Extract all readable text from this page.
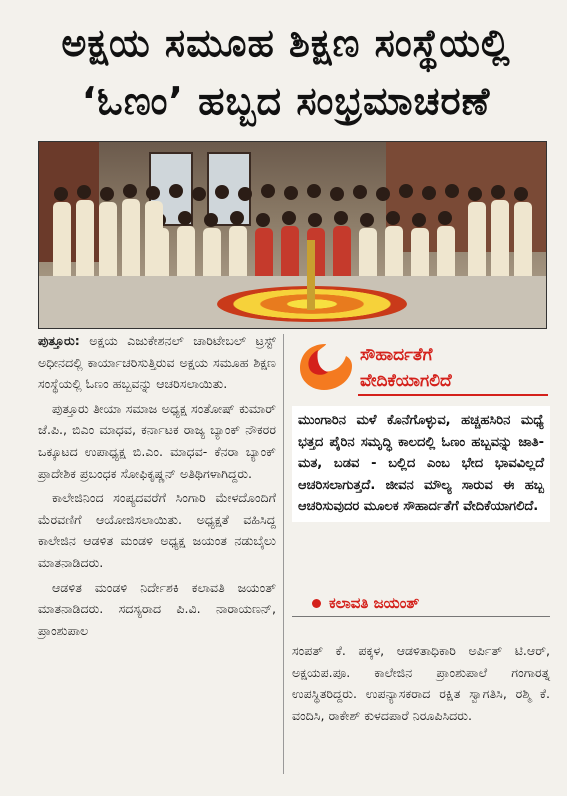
ಅಕ್ಷಯ ಸಮೂಹ ಶಿಕ್ಷಣ ಸಂಸ್ಥೆಯಲ್ಲಿ
‘ಓಣಂ’ ಹಬ್ಬದ ಸಂಭ್ರಮಾಚರಣೆ

ಪುತ್ತೂರು: ಅಕ್ಷಯ ಎಜುಕೇಶನಲ್ ಚಾರಿಟೇಬಲ್ ಟ್ರಸ್ಟ್ ಅಧೀನದಲ್ಲಿ ಕಾರ್ಯಾಚರಿಸುತ್ತಿರುವ ಅಕ್ಷಯ ಸಮೂಹ ಶಿಕ್ಷಣ ಸಂಸ್ಥೆಯಲ್ಲಿ ಓಣಂ ಹಬ್ಬವನ್ನು ಆಚರಿಸಲಾಯಿತು.

ಪುತ್ತೂರು ತೀಯಾ ಸಮಾಜ ಅಧ್ಯಕ್ಷ ಸಂತೋಷ್ ಕುಮಾರ್ ಜೆ.ಪಿ., ಬಿಎಂ ಮಾಧವ, ಕರ್ನಾಟಕ ರಾಜ್ಯ ಬ್ಯಾಂಕ್ ನೌಕರರ ಒಕ್ಕೂಟದ ಉಪಾಧ್ಯಕ್ಷ ಬಿ.ಎಂ. ಮಾಧವ- ಕೆನರಾ ಬ್ಯಾಂಕ್ ಪ್ರಾದೇಶಿಕ ಪ್ರಬಂಧಕ ಸೋಫಿಕೃಷ್ಣನ್ ಅತಿಥಿಗಳಾಗಿದ್ದರು.

ಕಾಲೇಜಿನಿಂದ ಸಂಪ್ಯದವರೆಗೆ ಸಿಂಗಾರಿ ಮೇಳದೊಂದಿಗೆ ಮೆರವಣಿಗೆ ಆಯೋಜಿಸಲಾಯಿತು. ಅಧ್ಯಕ್ಷತೆ ವಹಿಸಿದ್ದ ಕಾಲೇಜಿನ ಆಡಳಿತ ಮಂಡಳಿ ಅಧ್ಯಕ್ಷ ಜಯಂತ ನಡುಬೈಲು ಮಾತನಾಡಿದರು.

ಆಡಳಿತ ಮಂಡಳಿ ನಿರ್ದೇಶಕಿ ಕಲಾವತಿ ಜಯಂತ್ ಮಾತನಾಡಿದರು. ಸದಸ್ಯರಾದ ಪಿ.ವಿ. ನಾರಾಯಣನ್, ಪ್ರಾಂಶುಪಾಲ

ಸೌಹಾರ್ದತೆಗೆ
ವೇದಿಕೆಯಾಗಲಿದೆ
ಮುಂಗಾರಿನ ಮಳೆ ಕೊನೆಗೊಳ್ಳುವ, ಹಚ್ಚಹಸಿರಿನ ಮಧ್ಯೆ ಭತ್ತದ ಪೈರಿನ ಸಮೃದ್ಧಿ ಕಾಲದಲ್ಲಿ ಓಣಂ ಹಬ್ಬವನ್ನು ಜಾತಿ- ಮತ, ಬಡವ - ಬಲ್ಲಿದ ಎಂಬ ಭೇದ ಭಾವವಿಲ್ಲದೆ ಆಚರಿಸಲಾಗುತ್ತದೆ. ಜೀವನ ಮೌಲ್ಯ ಸಾರುವ ಈ ಹಬ್ಬ ಆಚರಿಸುವುದರ ಮೂಲಕ ಸೌಹಾರ್ದತೆಗೆ ವೇದಿಕೆಯಾಗಲಿದೆ.
ಕಲಾವತಿ ಜಯಂತ್

ಸಂಪತ್ ಕೆ. ಪಕ್ಕಳ, ಆಡಳಿತಾಧಿಕಾರಿ ಅರ್ಪಿತ್ ಟಿ.ಆರ್, ಅಕ್ಷಯಪ.ಪೂ. ಕಾಲೇಜಿನ ಪ್ರಾಂಶುಪಾಲೆ ಗಂಗಾರತ್ನ ಉಪಸ್ಥಿತರಿದ್ದರು. ಉಪನ್ಯಾಸಕರಾದ ರಕ್ಷಿತ ಸ್ವಾಗತಿಸಿ, ರಶ್ಮಿ ಕೆ. ವಂದಿಸಿ, ರಾಕೇಶ್ ಕುಳದಪಾರೆ ನಿರೂಪಿಸಿದರು.
